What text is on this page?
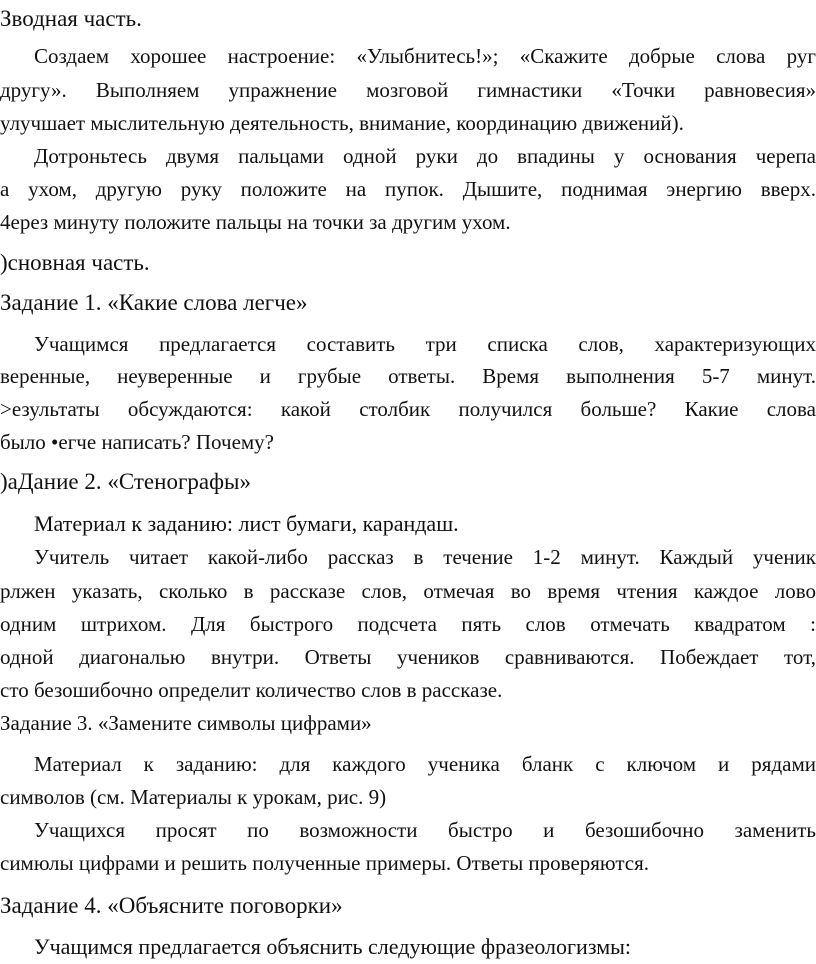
Зводная часть.
Создаем хорошее настроение: «Улыбнитесь!»; «Скажите добрые слова руг
другу». Выполняем упражнение мозговой гимнастики «Точки равновесия»
улучшает мыслительную деятельность, внимание, координацию движений).
Дотроньтесь двумя пальцами одной руки до впадины у основания черепа
а ухом, другую руку положите на пупок. Дышите, поднимая энергию вверх.
4ерез минуту положите пальцы на точки за другим ухом.
)сновная часть.
Задание 1. «Какие слова легче»
Учащимся предлагается составить три списка слов, характеризующих
веренные, неуверенные и грубые ответы. Время выполнения 5-7 минут.
>езультаты обсуждаются: какой столбик получился больше? Какие слова
было •егче написать? Почему?
)аДание 2. «Стенографы»
Материал к заданию: лист бумаги, карандаш.
Учитель читает какой-либо рассказ в течение 1-2 минут. Каждый ученик
рлжен указать, сколько в рассказе слов, отмечая во время чтения каждое лово
одним штрихом. Для быстрого подсчета пять слов отмечать квадратом :
одной диагональю внутри. Ответы учеников сравниваются. Побеждает тот,
сто безошибочно определит количество слов в рассказе.
Задание 3. «Замените символы цифрами»
Материал к заданию: для каждого ученика бланк с ключом и рядами
символов (см. Материалы к урокам, рис. 9)
Учащихся просят по возможности быстро и безошибочно заменить
симюлы цифрами и решить полученные примеры. Ответы проверяются.
Задание 4. «Объясните поговорки»
Учащимся предлагается объяснить следующие фразеологизмы:
